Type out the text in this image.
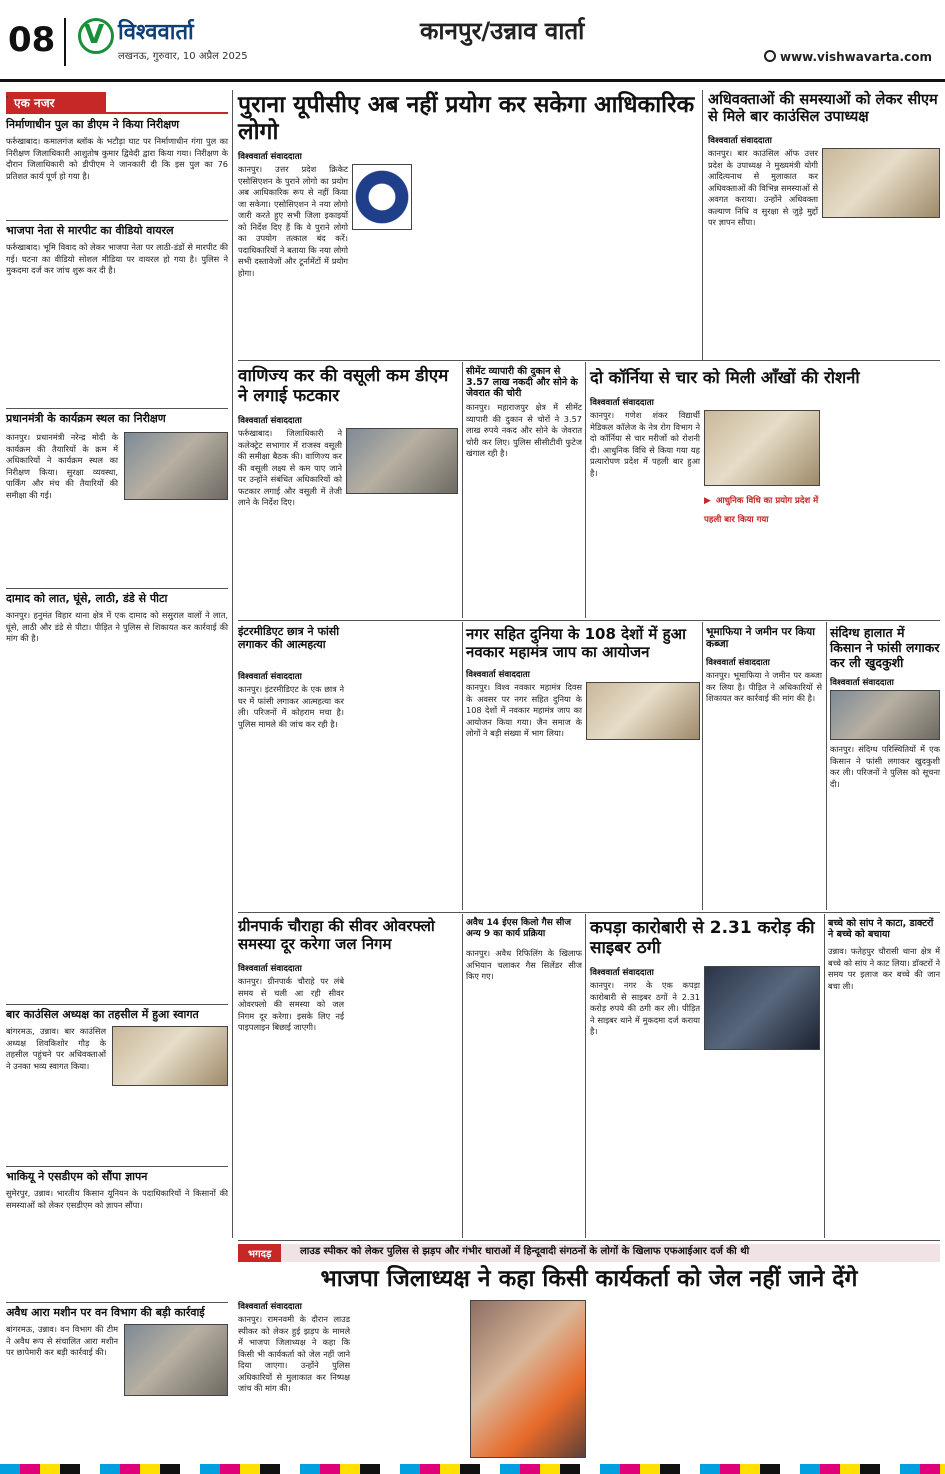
08 V विश्ववार्ता
लखनऊ, गुरुवार, 10 अप्रैल 2025
कानपुर/उन्नाव वार्ता
www.vishwavarta.com
एक नजर
निर्माणाधीन पुल का डीएम ने किया निरीक्षण
फर्रुखाबाद। कमालगंज ब्लॉक के भटौड़ा घाट पर निर्माणाधीन गंगा पुल का निरीक्षण जिलाधिकारी आशुतोष कुमार द्विवेदी द्वारा किया गया। निरीक्षण के दौरान जिलाधिकारी को डीपीएम ने जानकारी दी कि इस पुल का 76 प्रतिशत कार्य पूर्ण हो गया है।
भाजपा नेता से मारपीट का वीडियो वायरल
फर्रुखाबाद। भूमि विवाद को लेकर भाजपा नेता पर लाठी-डंडों से मारपीट की गई। घटना का वीडियो सोशल मीडिया पर वायरल हो गया है। पुलिस ने मुकदमा दर्ज कर जांच शुरू कर दी है।
प्रधानमंत्री के कार्यक्रम स्थल का निरीक्षण
कानपुर। प्रधानमंत्री नरेन्द्र मोदी के कार्यक्रम की तैयारियों के क्रम में अधिकारियों ने कार्यक्रम स्थल का निरीक्षण किया। सुरक्षा व्यवस्था, पार्किंग और मंच की तैयारियों की समीक्षा की गई।
दामाद को लात, घूंसे, लाठी, डंडे से पीटा
कानपुर। हनुमंत विहार थाना क्षेत्र में एक दामाद को ससुराल वालों ने लात, घूंसे, लाठी और डंडे से पीटा। पीड़ित ने पुलिस से शिकायत कर कार्रवाई की मांग की है।
बार काउंसिल अध्यक्ष का तहसील में हुआ स्वागत
बांगरमऊ, उन्नाव। बार काउंसिल अध्यक्ष शिवकिशोर गौड़ के तहसील पहुंचने पर अधिवक्ताओं ने उनका भव्य स्वागत किया।
भाकियू ने एसडीएम को सौंपा ज्ञापन
सुमेरपुर, उन्नाव। भारतीय किसान यूनियन के पदाधिकारियों ने किसानों की समस्याओं को लेकर एसडीएम को ज्ञापन सौंपा।
अवैध आरा मशीन पर वन विभाग की बड़ी कार्रवाई
बांगरमऊ, उन्नाव। वन विभाग की टीम ने अवैध रूप से संचालित आरा मशीन पर छापेमारी कर बड़ी कार्रवाई की।
पुराना यूपीसीए अब नहीं प्रयोग कर सकेगा आधिकारिक लोगो
विश्ववार्ता संवाददाता
कानपुर। उत्तर प्रदेश क्रिकेट एसोसिएशन के पुराने लोगो का प्रयोग अब आधिकारिक रूप से नहीं किया जा सकेगा। एसोसिएशन ने नया लोगो जारी करते हुए सभी जिला इकाइयों को निर्देश दिए हैं कि वे पुराने लोगो का उपयोग तत्काल बंद करें। पदाधिकारियों ने बताया कि नया लोगो सभी दस्तावेजों और टूर्नामेंटों में प्रयोग होगा।
अधिवक्ताओं की समस्याओं को लेकर सीएम से मिले बार काउंसिल उपाध्यक्ष
विश्ववार्ता संवाददाता
कानपुर। बार काउंसिल ऑफ उत्तर प्रदेश के उपाध्यक्ष ने मुख्यमंत्री योगी आदित्यनाथ से मुलाकात कर अधिवक्ताओं की विभिन्न समस्याओं से अवगत कराया। उन्होंने अधिवक्ता कल्याण निधि व सुरक्षा से जुड़े मुद्दों पर ज्ञापन सौंपा।
वाणिज्य कर की वसूली कम डीएम ने लगाई फटकार
विश्ववार्ता संवाददाता
फर्रुखाबाद। जिलाधिकारी ने कलेक्ट्रेट सभागार में राजस्व वसूली की समीक्षा बैठक की। वाणिज्य कर की वसूली लक्ष्य से कम पाए जाने पर उन्होंने संबंधित अधिकारियों को फटकार लगाई और वसूली में तेजी लाने के निर्देश दिए।
सीमेंट व्यापारी की दुकान से 3.57 लाख नकदी और सोने के जेवरात की चोरी
कानपुर। महाराजपुर क्षेत्र में सीमेंट व्यापारी की दुकान से चोरों ने 3.57 लाख रुपये नकद और सोने के जेवरात चोरी कर लिए। पुलिस सीसीटीवी फुटेज खंगाल रही है।
दो कॉर्निया से चार को मिली आँखों की रोशनी
विश्ववार्ता संवाददाता
कानपुर। गणेश शंकर विद्यार्थी मेडिकल कॉलेज के नेत्र रोग विभाग ने दो कॉर्निया से चार मरीजों को रोशनी दी। आधुनिक विधि से किया गया यह प्रत्यारोपण प्रदेश में पहली बार हुआ है।
▶ आधुनिक विधि का प्रयोग प्रदेश में पहली बार किया गया
इंटरमीडिएट छात्र ने फांसी लगाकर की आत्महत्या
विश्ववार्ता संवाददाता
कानपुर। इंटरमीडिएट के एक छात्र ने घर में फांसी लगाकर आत्महत्या कर ली। परिजनों में कोहराम मचा है। पुलिस मामले की जांच कर रही है।
नगर सहित दुनिया के 108 देशों में हुआ नवकार महामंत्र जाप का आयोजन
विश्ववार्ता संवाददाता
कानपुर। विश्व नवकार महामंत्र दिवस के अवसर पर नगर सहित दुनिया के 108 देशों में नवकार महामंत्र जाप का आयोजन किया गया। जैन समाज के लोगों ने बड़ी संख्या में भाग लिया।
भूमाफिया ने जमीन पर किया कब्जा
विश्ववार्ता संवाददाता
कानपुर। भूमाफिया ने जमीन पर कब्जा कर लिया है। पीड़ित ने अधिकारियों से शिकायत कर कार्रवाई की मांग की है।
संदिग्ध हालात में किसान ने फांसी लगाकर कर ली खुदकुशी
विश्ववार्ता संवाददाता
कानपुर। संदिग्ध परिस्थितियों में एक किसान ने फांसी लगाकर खुदकुशी कर ली। परिजनों ने पुलिस को सूचना दी।
ग्रीनपार्क चौराहा की सीवर ओवरफ्लो समस्या दूर करेगा जल निगम
विश्ववार्ता संवाददाता
कानपुर। ग्रीनपार्क चौराहे पर लंबे समय से चली आ रही सीवर ओवरफ्लो की समस्या को जल निगम दूर करेगा। इसके लिए नई पाइपलाइन बिछाई जाएगी।
अवैध 14 ईएस किलो गैस सीज अन्य 9 का कार्य प्रक्रिया
कानपुर। अवैध रिफिलिंग के खिलाफ अभियान चलाकर गैस सिलेंडर सीज किए गए।
कपड़ा कारोबारी से 2.31 करोड़ की साइबर ठगी
विश्ववार्ता संवाददाता
कानपुर। नगर के एक कपड़ा कारोबारी से साइबर ठगों ने 2.31 करोड़ रुपये की ठगी कर ली। पीड़ित ने साइबर थाने में मुकदमा दर्ज कराया है।
बच्चे को सांप ने काटा, डाक्टरों ने बच्चे को बचाया
उन्नाव। फतेहपुर चौरासी थाना क्षेत्र में बच्चे को सांप ने काट लिया। डॉक्टरों ने समय पर इलाज कर बच्चे की जान बचा ली।
भगदड़	लाउड स्पीकर को लेकर पुलिस से झड़प और गंभीर धाराओं में हिन्दूवादी संगठनों के लोगों के खिलाफ एफआईआर दर्ज की थी
भाजपा जिलाध्यक्ष ने कहा किसी कार्यकर्ता को जेल नहीं जाने देंगे
विश्ववार्ता संवाददाता
कानपुर। रामनवमी के दौरान लाउड स्पीकर को लेकर हुई झड़प के मामले में भाजपा जिलाध्यक्ष ने कहा कि किसी भी कार्यकर्ता को जेल नहीं जाने दिया जाएगा। उन्होंने पुलिस अधिकारियों से मुलाकात कर निष्पक्ष जांच की मांग की।
